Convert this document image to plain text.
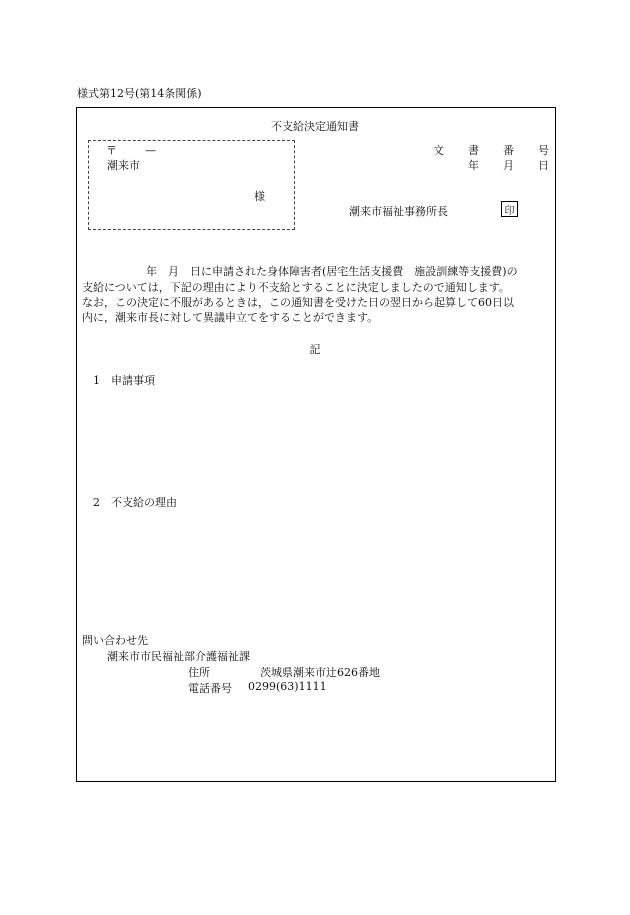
様式第12号(第14条関係)
不支給決定通知書
〒	—
潮来市
様
文 書 番 号
年 月 日
潮来市福祉事務所長	印
年　月　日に申請された身体障害者(居宅生活支援費　施設訓練等支援費)の
支給については，下記の理由により不支給とすることに決定しましたので通知します。
なお，この決定に不服があるときは，この通知書を受けた日の翌日から起算して60日以
内に，潮来市長に対して異議申立てをすることができます。
記
1　申請事項
2　不支給の理由
問い合わせ先
潮来市市民福祉部介護福祉課
住所	茨城県潮来市辻626番地
電話番号 0299(63)1111
